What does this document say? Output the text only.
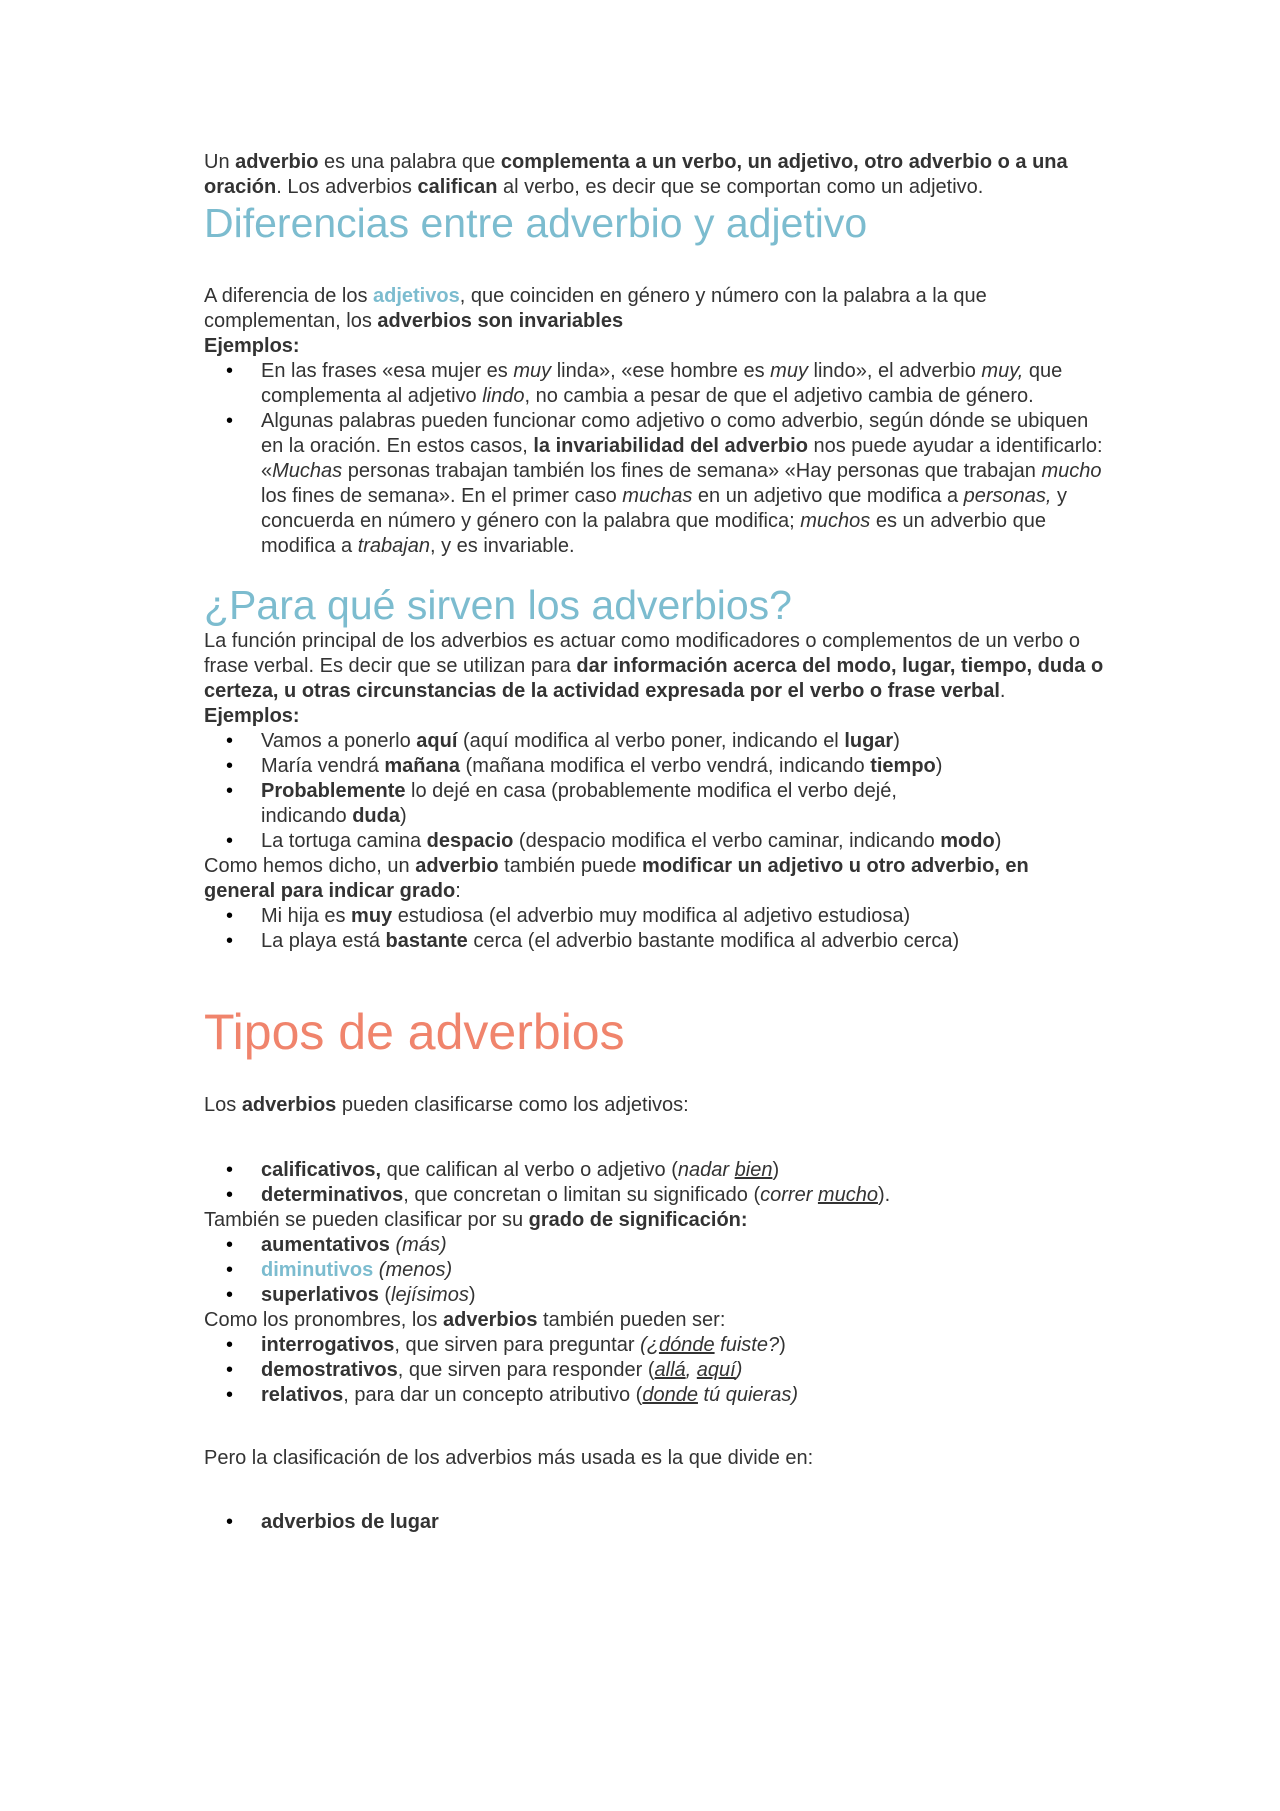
Un adverbio es una palabra que complementa a un verbo, un adjetivo, otro adverbio o a una oración. Los adverbios califican al verbo, es decir que se comportan como un adjetivo.

Diferencias entre adverbio y adjetivo

A diferencia de los adjetivos, que coinciden en género y número con la palabra a la que complementan, los adverbios son invariables

Ejemplos:

• En las frases «esa mujer es muy linda», «ese hombre es muy lindo», el adverbio muy, que complementa al adjetivo lindo, no cambia a pesar de que el adjetivo cambia de género.
• Algunas palabras pueden funcionar como adjetivo o como adverbio, según dónde se ubiquen en la oración. En estos casos, la invariabilidad del adverbio nos puede ayudar a identificarlo: «Muchas personas trabajan también los fines de semana» «Hay personas que trabajan mucho los fines de semana». En el primer caso muchas en un adjetivo que modifica a personas, y concuerda en número y género con la palabra que modifica; muchos es un adverbio que modifica a trabajan, y es invariable.
¿Para qué sirven los adverbios?

La función principal de los adverbios es actuar como modificadores o complementos de un verbo o frase verbal. Es decir que se utilizan para dar información acerca del modo, lugar, tiempo, duda o certeza, u otras circunstancias de la actividad expresada por el verbo o frase verbal.

Ejemplos:

• Vamos a ponerlo aquí (aquí modifica al verbo poner, indicando el lugar)
• María vendrá mañana (mañana modifica el verbo vendrá, indicando tiempo)
• Probablemente lo dejé en casa (probablemente modifica el verbo dejé, indicando duda)
• La tortuga camina despacio (despacio modifica el verbo caminar, indicando modo)

Como hemos dicho, un adverbio también puede modificar un adjetivo u otro adverbio, en general para indicar grado:

• Mi hija es muy estudiosa (el adverbio muy modifica al adjetivo estudiosa)
• La playa está bastante cerca (el adverbio bastante modifica al adverbio cerca)
Tipos de adverbios

Los adverbios pueden clasificarse como los adjetivos:

• calificativos, que califican al verbo o adjetivo (nadar bien)
• determinativos, que concretan o limitan su significado (correr mucho).

También se pueden clasificar por su grado de significación:

• aumentativos (más)
• diminutivos (menos)
• superlativos (lejísimos)

Como los pronombres, los adverbios también pueden ser:

• interrogativos, que sirven para preguntar (¿dónde fuiste?)
• demostrativos, que sirven para responder (allá, aquí)
• relativos, para dar un concepto atributivo (donde tú quieras)

Pero la clasificación de los adverbios más usada es la que divide en:

• adverbios de lugar
